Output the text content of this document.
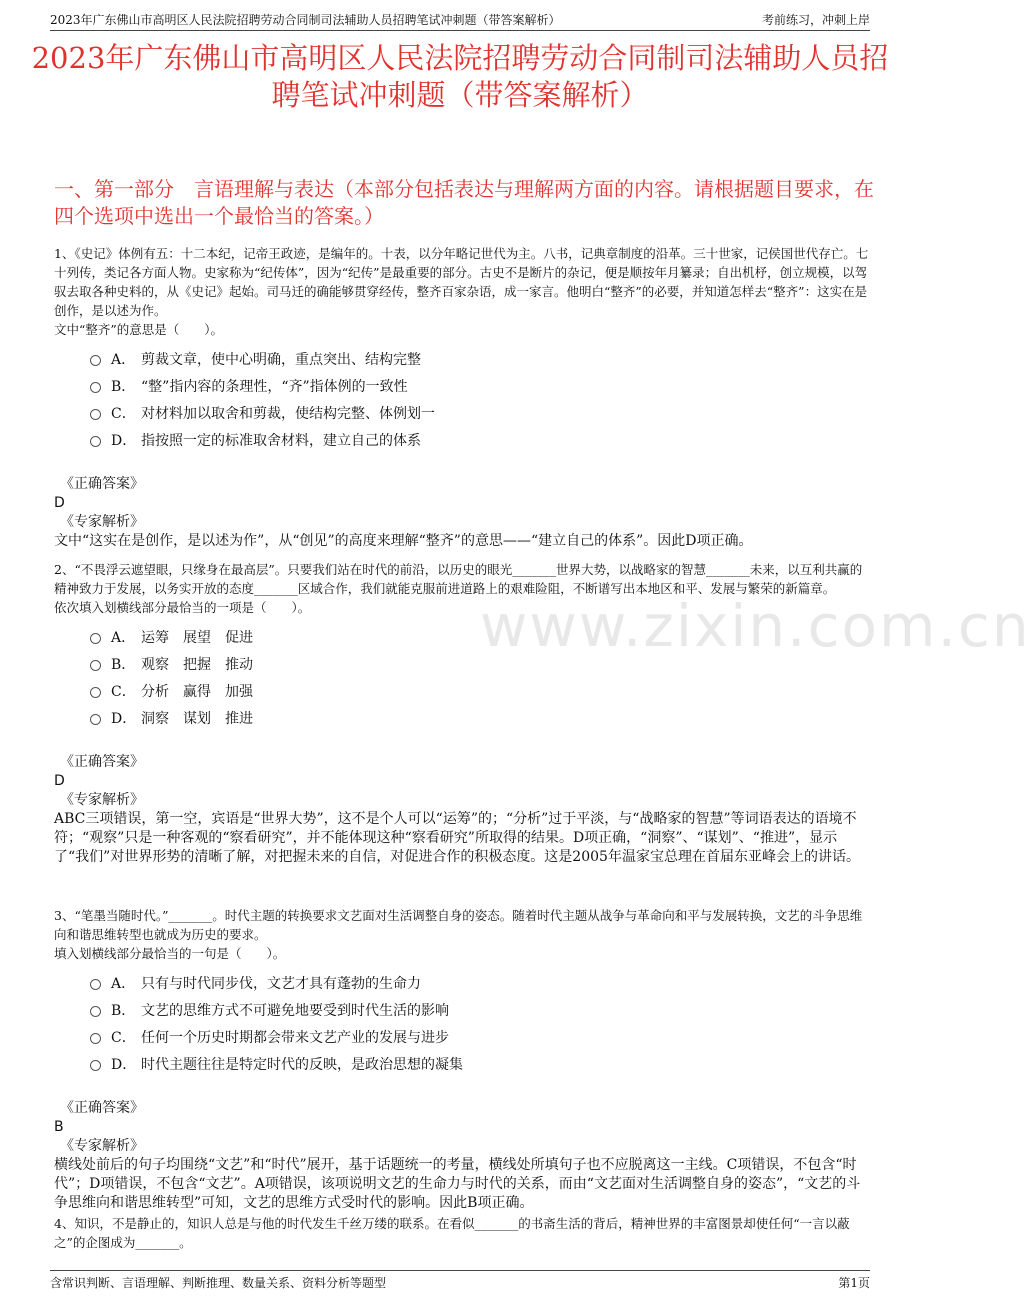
2023年广东佛山市高明区人民法院招聘劳动合同制司法辅助人员招聘笔试冲刺题（带答案解析）	考前练习，冲刺上岸
www.zixin.com.cn
2023年广东佛山市高明区人民法院招聘劳动合同制司法辅助人员招聘笔试冲刺题（带答案解析）
一、第一部分　言语理解与表达（本部分包括表达与理解两方面的内容。请根据题目要求，在四个选项中选出一个最恰当的答案。）

1、《史记》体例有五：十二本纪，记帝王政迹，是编年的。十表，以分年略记世代为主。八书，记典章制度的沿革。三十世家，记侯国世代存亡。七十列传，类记各方面人物。史家称为“纪传体”，因为“纪传”是最重要的部分。古史不是断片的杂记，便是顺按年月纂录；自出机杼，创立规模，以驾驭去取各种史料的，从《史记》起始。司马迁的确能够贯穿经传，整齐百家杂语，成一家言。他明白“整齐”的必要，并知道怎样去“整齐”：这实在是创作，是以述为作。

文中“整齐”的意思是（　　）。

A． 剪裁文章，使中心明确，重点突出、结构完整
B． “整”指内容的条理性，“齐”指体例的一致性
C． 对材料加以取舍和剪裁，使结构完整、体例划一
D． 指按照一定的标准取舍材料，建立自己的体系

《正确答案》

D

《专家解析》

文中“这实在是创作，是以述为作”，从“创见”的高度来理解“整齐”的意思——“建立自己的体系”。因此D项正确。

2、“不畏浮云遮望眼，只缘身在最高层”。只要我们站在时代的前沿，以历史的眼光_______世界大势，以战略家的智慧_______未来，以互利共赢的精神致力于发展，以务实开放的态度_______区域合作，我们就能克服前进道路上的艰难险阻，不断谱写出本地区和平、发展与繁荣的新篇章。

依次填入划横线部分最恰当的一项是（　　）。

A． 运筹　展望　促进
B． 观察　把握　推动
C． 分析　赢得　加强
D． 洞察　谋划　推进

《正确答案》

D

《专家解析》

ABC三项错误，第一空，宾语是“世界大势”，这不是个人可以“运筹”的；“分析”过于平淡，与“战略家的智慧”等词语表达的语境不符；“观察”只是一种客观的“察看研究”，并不能体现这种“察看研究”所取得的结果。D项正确，“洞察”、“谋划”、“推进”，显示了“我们”对世界形势的清晰了解，对把握未来的自信，对促进合作的积极态度。这是2005年温家宝总理在首届东亚峰会上的讲话。

3、“笔墨当随时代。”_______。时代主题的转换要求文艺面对生活调整自身的姿态。随着时代主题从战争与革命向和平与发展转换，文艺的斗争思维向和谐思维转型也就成为历史的要求。

填入划横线部分最恰当的一句是（　　）。

A． 只有与时代同步伐，文艺才具有蓬勃的生命力
B． 文艺的思维方式不可避免地要受到时代生活的影响
C． 任何一个历史时期都会带来文艺产业的发展与进步
D． 时代主题往往是特定时代的反映，是政治思想的凝集

《正确答案》

B

《专家解析》

横线处前后的句子均围绕“文艺”和“时代”展开，基于话题统一的考量，横线处所填句子也不应脱离这一主线。C项错误，不包含“时代”；D项错误，不包含“文艺”。A项错误，该项说明文艺的生命力与时代的关系，而由“文艺面对生活调整自身的姿态”，“文艺的斗争思维向和谐思维转型”可知，文艺的思维方式受时代的影响。因此B项正确。

4、知识，不是静止的，知识人总是与他的时代发生千丝万缕的联系。在看似_______的书斋生活的背后，精神世界的丰富图景却使任何“一言以蔽之”的企图成为_______。

含常识判断、言语理解、判断推理、数量关系、资料分析等题型	第1页
